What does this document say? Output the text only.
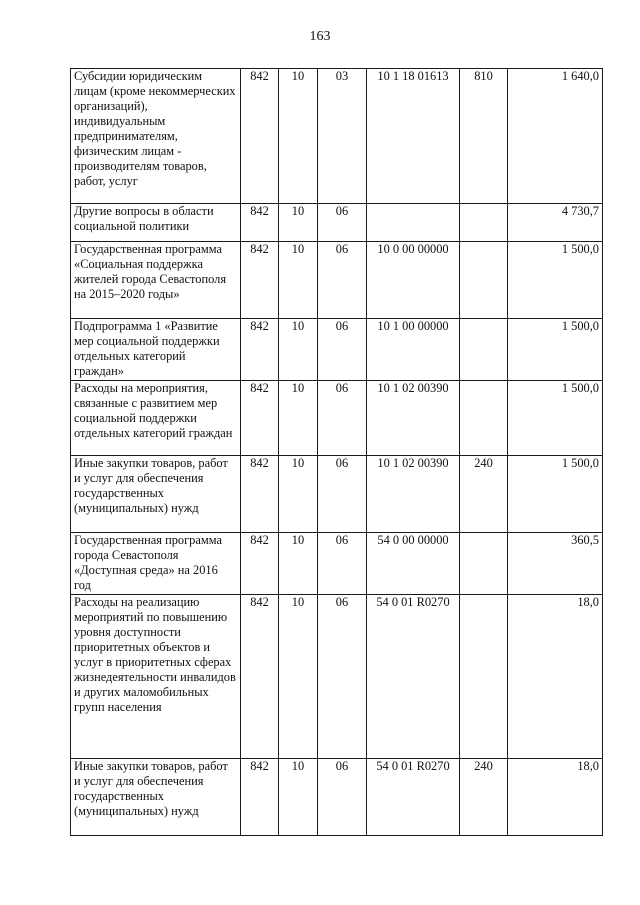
163
Субсидии юридическим лицам (кроме некоммерческих организаций), индивидуальным предпринимателям, физическим лицам - производителям товаров, работ, услуг	842	10	03	10 1 18 01613	810	1 640,0
Другие вопросы в области социальной политики	842	10	06			4 730,7
Государственная программа «Социальная поддержка жителей города Севастополя на 2015–2020 годы»	842	10	06	10 0 00 00000		1 500,0
Подпрограмма 1 «Развитие мер социальной поддержки отдельных категорий граждан»	842	10	06	10 1 00 00000		1 500,0
Расходы на мероприятия, связанные с развитием мер социальной поддержки отдельных категорий граждан	842	10	06	10 1 02 00390		1 500,0
Иные закупки товаров, работ и услуг для обеспечения государственных (муниципальных) нужд	842	10	06	10 1 02 00390	240	1 500,0
Государственная программа города Севастополя «Доступная среда» на 2016 год	842	10	06	54 0 00 00000		360,5
Расходы на реализацию мероприятий по повышению уровня доступности приоритетных объектов и услуг в приоритетных сферах жизнедеятельности инвалидов и других маломобильных групп населения	842	10	06	54 0 01 R0270		18,0
Иные закупки товаров, работ и услуг для обеспечения государственных (муниципальных) нужд	842	10	06	54 0 01 R0270	240	18,0
